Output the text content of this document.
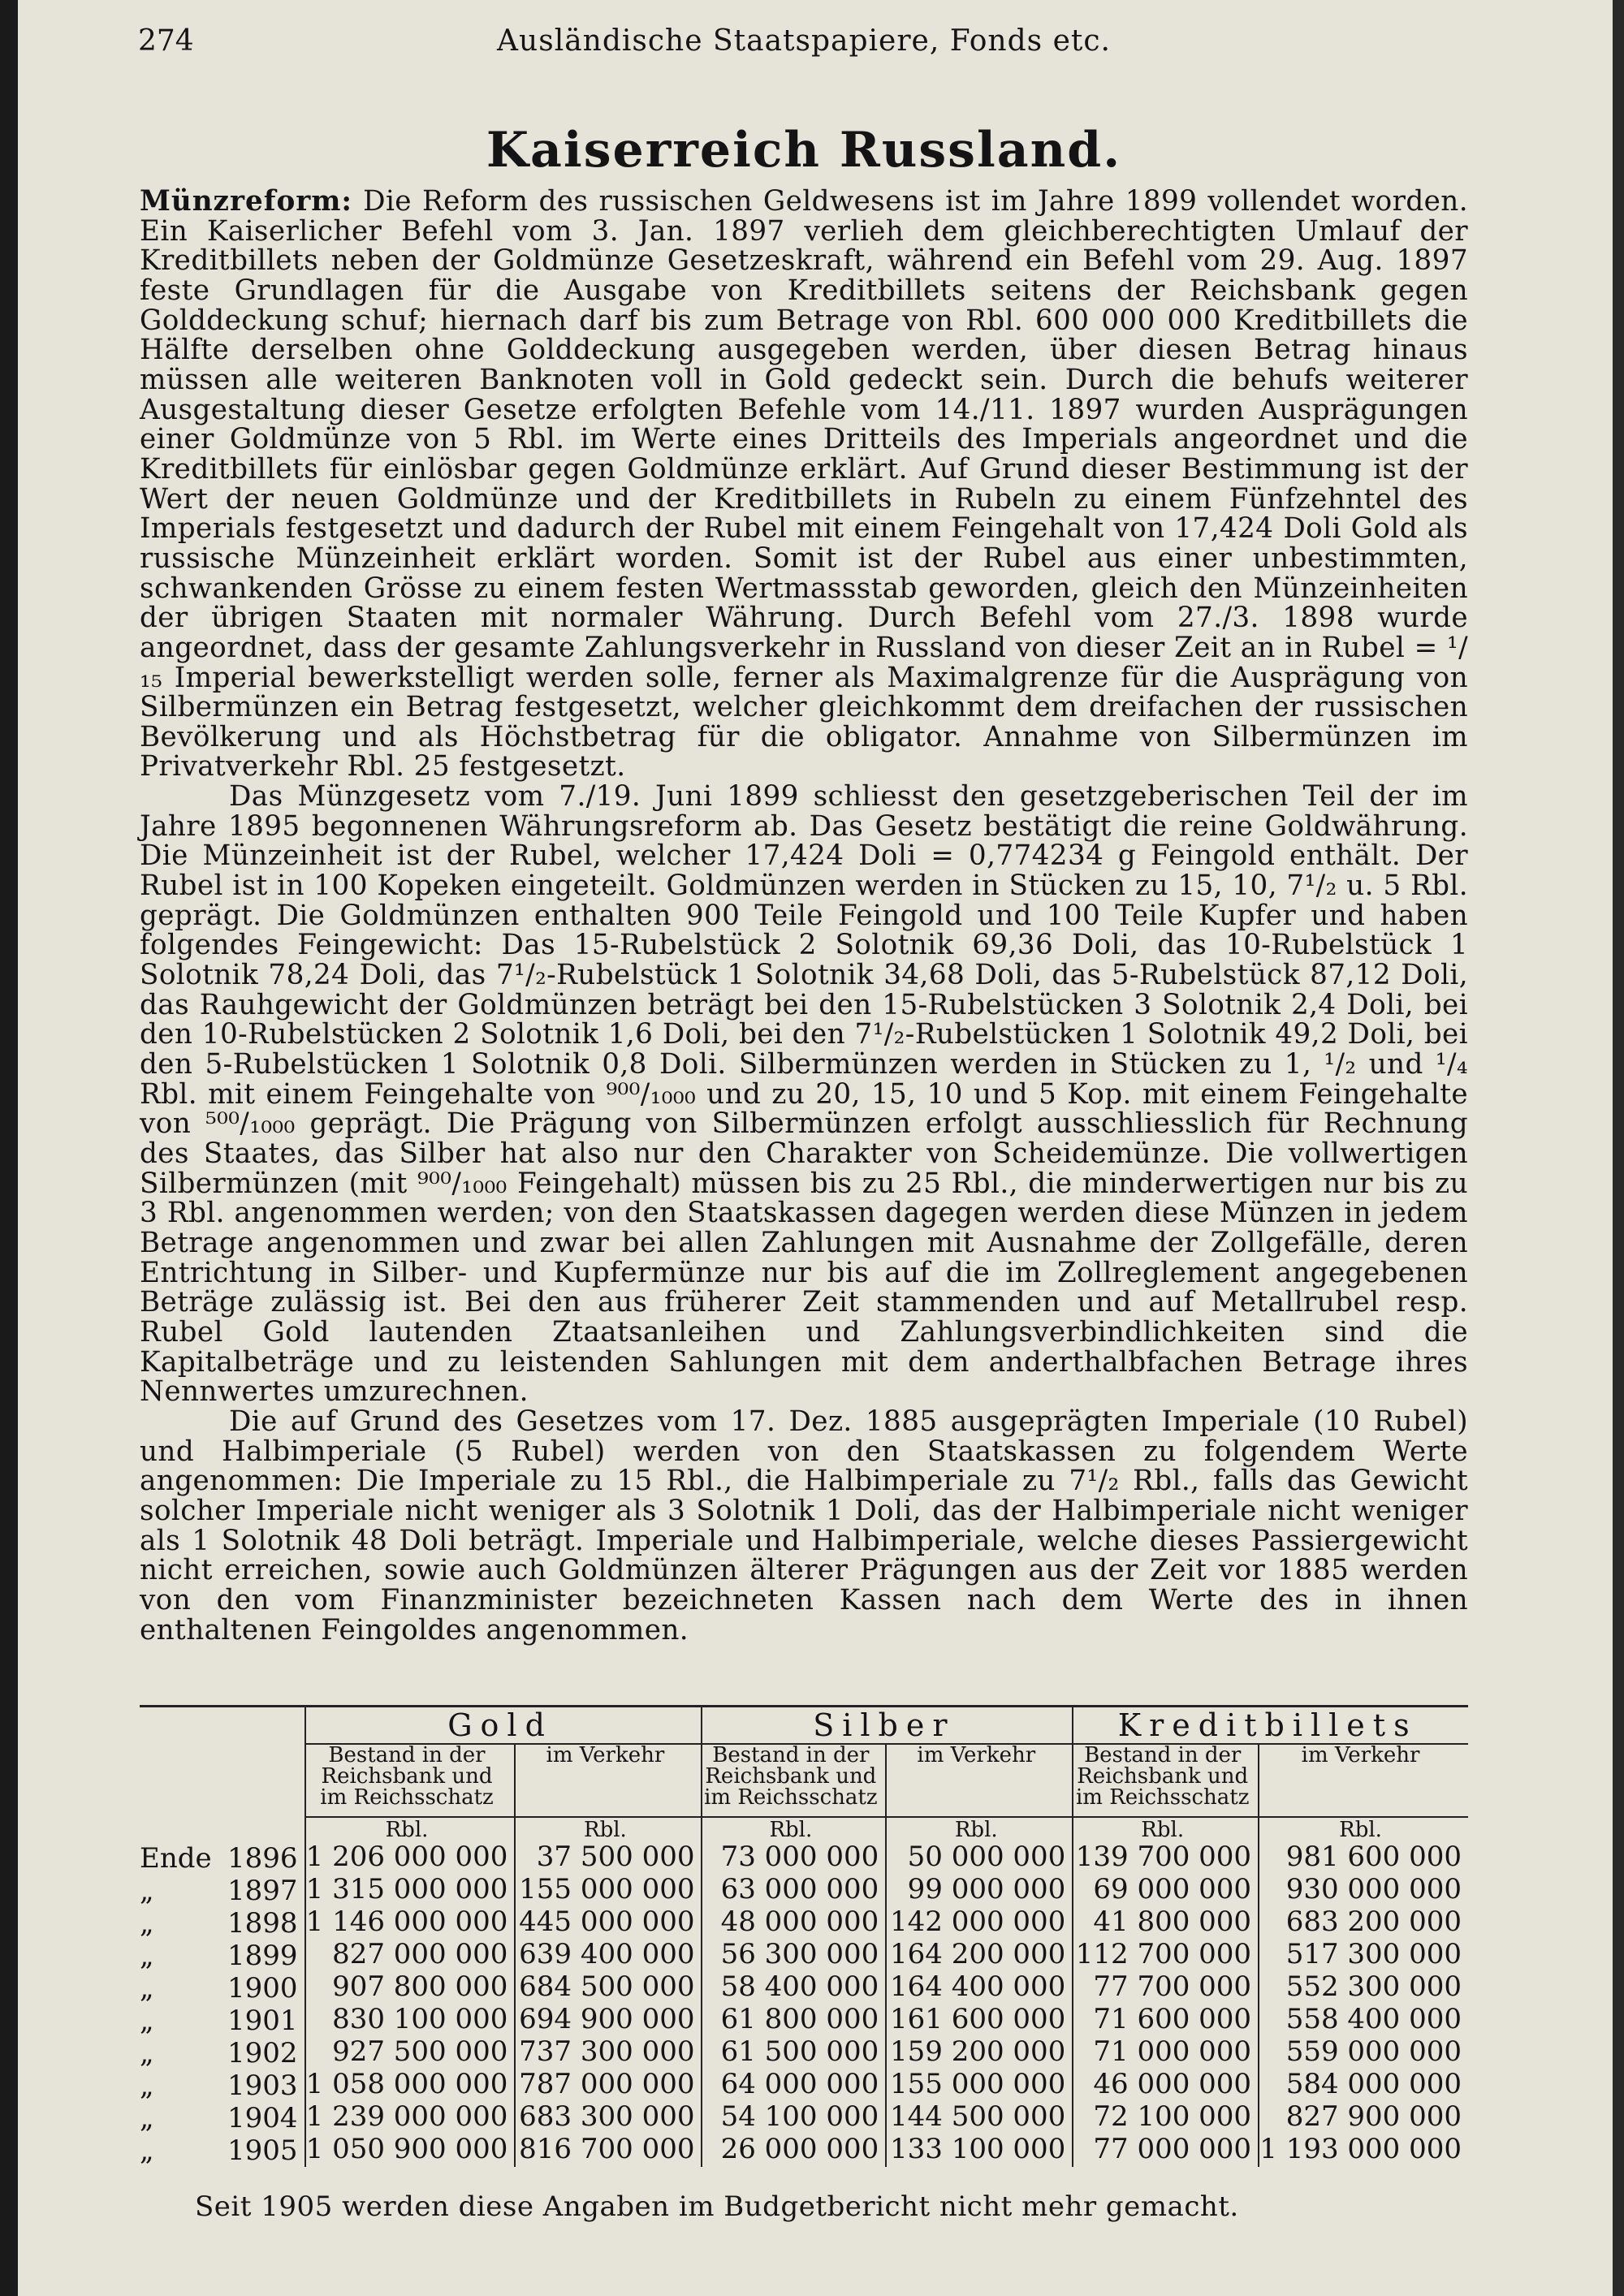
274	Ausländische Staatspapiere, Fonds etc.
Kaiserreich Russland.

Münzreform: Die Reform des russischen Geldwesens ist im Jahre 1899 vollendet worden. Ein Kaiserlicher Befehl vom 3. Jan. 1897 verlieh dem gleichberechtigten Umlauf der Kreditbillets neben der Goldmünze Gesetzeskraft, während ein Befehl vom 29. Aug. 1897 feste Grundlagen für die Ausgabe von Kreditbillets seitens der Reichsbank gegen Golddeckung schuf; hiernach darf bis zum Betrage von Rbl. 600 000 000 Kreditbillets die Hälfte derselben ohne Golddeckung ausgegeben werden, über diesen Betrag hinaus müssen alle weiteren Banknoten voll in Gold gedeckt sein. Durch die behufs weiterer Ausgestaltung dieser Gesetze erfolgten Befehle vom 14./11. 1897 wurden Ausprägungen einer Goldmünze von 5 Rbl. im Werte eines Dritteils des Imperials angeordnet und die Kreditbillets für einlösbar gegen Goldmünze erklärt. Auf Grund dieser Bestimmung ist der Wert der neuen Goldmünze und der Kreditbillets in Rubeln zu einem Fünfzehntel des Imperials festgesetzt und dadurch der Rubel mit einem Feingehalt von 17,424 Doli Gold als russische Münzeinheit erklärt worden. Somit ist der Rubel aus einer unbestimmten, schwankenden Grösse zu einem festen Wertmassstab geworden, gleich den Münzeinheiten der übrigen Staaten mit normaler Währung. Durch Befehl vom 27./3. 1898 wurde angeordnet, dass der gesamte Zahlungsverkehr in Russland von dieser Zeit an in Rubel = ¹/₁₅ Imperial bewerkstelligt werden solle, ferner als Maximalgrenze für die Ausprägung von Silbermünzen ein Betrag festgesetzt, welcher gleichkommt dem dreifachen der russischen Bevölkerung und als Höchstbetrag für die obligator. Annahme von Silbermünzen im Privatverkehr Rbl. 25 festgesetzt.

Das Münzgesetz vom 7./19. Juni 1899 schliesst den gesetzgeberischen Teil der im Jahre 1895 begonnenen Währungsreform ab. Das Gesetz bestätigt die reine Goldwährung. Die Münzeinheit ist der Rubel, welcher 17,424 Doli = 0,774234 g Feingold enthält. Der Rubel ist in 100 Kopeken eingeteilt. Goldmünzen werden in Stücken zu 15, 10, 7¹/₂ u. 5 Rbl. geprägt. Die Goldmünzen enthalten 900 Teile Feingold und 100 Teile Kupfer und haben folgendes Feingewicht: Das 15-Rubelstück 2 Solotnik 69,36 Doli, das 10-Rubelstück 1 Solotnik 78,24 Doli, das 7¹/₂-Rubelstück 1 Solotnik 34,68 Doli, das 5-Rubelstück 87,12 Doli, das Rauhgewicht der Goldmünzen beträgt bei den 15-Rubelstücken 3 Solotnik 2,4 Doli, bei den 10-Rubelstücken 2 Solotnik 1,6 Doli, bei den 7¹/₂-Rubelstücken 1 Solotnik 49,2 Doli, bei den 5-Rubelstücken 1 Solotnik 0,8 Doli. Silbermünzen werden in Stücken zu 1, ¹/₂ und ¹/₄ Rbl. mit einem Feingehalte von ⁹⁰⁰/₁₀₀₀ und zu 20, 15, 10 und 5 Kop. mit einem Feingehalte von ⁵⁰⁰/₁₀₀₀ geprägt. Die Prägung von Silbermünzen erfolgt ausschliesslich für Rechnung des Staates, das Silber hat also nur den Charakter von Scheidemünze. Die vollwertigen Silbermünzen (mit ⁹⁰⁰/₁₀₀₀ Feingehalt) müssen bis zu 25 Rbl., die minderwertigen nur bis zu 3 Rbl. angenommen werden; von den Staatskassen dagegen werden diese Münzen in jedem Betrage angenommen und zwar bei allen Zahlungen mit Ausnahme der Zollgefälle, deren Entrichtung in Silber- und Kupfermünze nur bis auf die im Zollreglement angegebenen Beträge zulässig ist. Bei den aus früherer Zeit stammenden und auf Metallrubel resp. Rubel Gold lautenden Ztaatsanleihen und Zahlungsverbindlichkeiten sind die Kapitalbeträge und zu leistenden Sahlungen mit dem anderthalbfachen Betrage ihres Nennwertes umzurechnen.

Die auf Grund des Gesetzes vom 17. Dez. 1885 ausgeprägten Imperiale (10 Rubel) und Halbimperiale (5 Rubel) werden von den Staatskassen zu folgendem Werte angenommen: Die Imperiale zu 15 Rbl., die Halbimperiale zu 7¹/₂ Rbl., falls das Gewicht solcher Imperiale nicht weniger als 3 Solotnik 1 Doli, das der Halbimperiale nicht weniger als 1 Solotnik 48 Doli beträgt. Imperiale und Halbimperiale, welche dieses Passiergewicht nicht erreichen, sowie auch Goldmünzen älterer Prägungen aus der Zeit vor 1885 werden von den vom Finanzminister bezeichneten Kassen nach dem Werte des in ihnen enthaltenen Feingoldes angenommen.

	Gold		Silber		Kreditbillets	
	Bestand in der Reichsbank und im Reichsschatz	im Verkehr	Bestand in der Reichsbank und im Reichsschatz	im Verkehr	Bestand in der Reichsbank und im Reichsschatz	im Verkehr
	Rbl.	Rbl.	Rbl.	Rbl.	Rbl.	Rbl.
Ende 1896	1 206 000 000	37 500 000	73 000 000	50 000 000	139 700 000	981 600 000
„ 1897	1 315 000 000	155 000 000	63 000 000	99 000 000	69 000 000	930 000 000
„ 1898	1 146 000 000	445 000 000	48 000 000	142 000 000	41 800 000	683 200 000
„ 1899	827 000 000	639 400 000	56 300 000	164 200 000	112 700 000	517 300 000
„ 1900	907 800 000	684 500 000	58 400 000	164 400 000	77 700 000	552 300 000
„ 1901	830 100 000	694 900 000	61 800 000	161 600 000	71 600 000	558 400 000
„ 1902	927 500 000	737 300 000	61 500 000	159 200 000	71 000 000	559 000 000
„ 1903	1 058 000 000	787 000 000	64 000 000	155 000 000	46 000 000	584 000 000
„ 1904	1 239 000 000	683 300 000	54 100 000	144 500 000	72 100 000	827 900 000
„ 1905	1 050 900 000	816 700 000	26 000 000	133 100 000	77 000 000	1 193 000 000
Seit 1905 werden diese Angaben im Budgetbericht nicht mehr gemacht.
